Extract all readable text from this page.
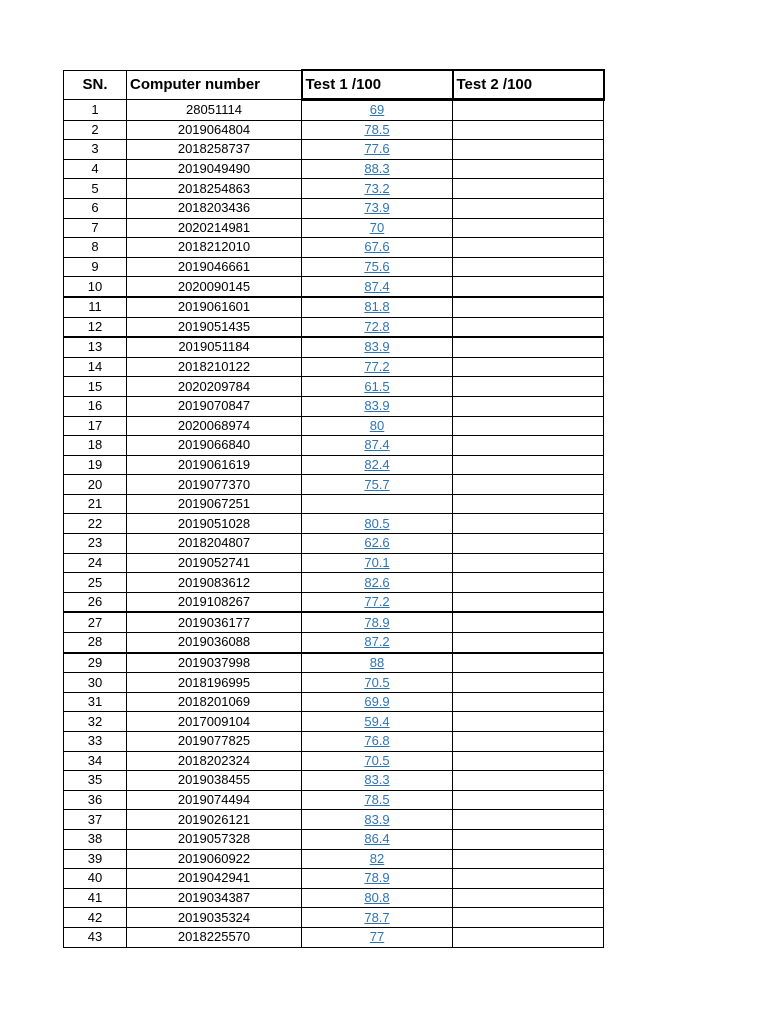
SN.	Computer number	Test 1 /100	Test 2 /100
1	28051114	69	
2	2019064804	78.5	
3	2018258737	77.6	
4	2019049490	88.3	
5	2018254863	73.2	
6	2018203436	73.9	
7	2020214981	70	
8	2018212010	67.6	
9	2019046661	75.6	
10	2020090145	87.4	
11	2019061601	81.8	
12	2019051435	72.8	
13	2019051184	83.9	
14	2018210122	77.2	
15	2020209784	61.5	
16	2019070847	83.9	
17	2020068974	80	
18	2019066840	87.4	
19	2019061619	82.4	
20	2019077370	75.7	
21	2019067251		
22	2019051028	80.5	
23	2018204807	62.6	
24	2019052741	70.1	
25	2019083612	82.6	
26	2019108267	77.2	
27	2019036177	78.9	
28	2019036088	87.2	
29	2019037998	88	
30	2018196995	70.5	
31	2018201069	69.9	
32	2017009104	59.4	
33	2019077825	76.8	
34	2018202324	70.5	
35	2019038455	83.3	
36	2019074494	78.5	
37	2019026121	83.9	
38	2019057328	86.4	
39	2019060922	82	
40	2019042941	78.9	
41	2019034387	80.8	
42	2019035324	78.7	
43	2018225570	77	
